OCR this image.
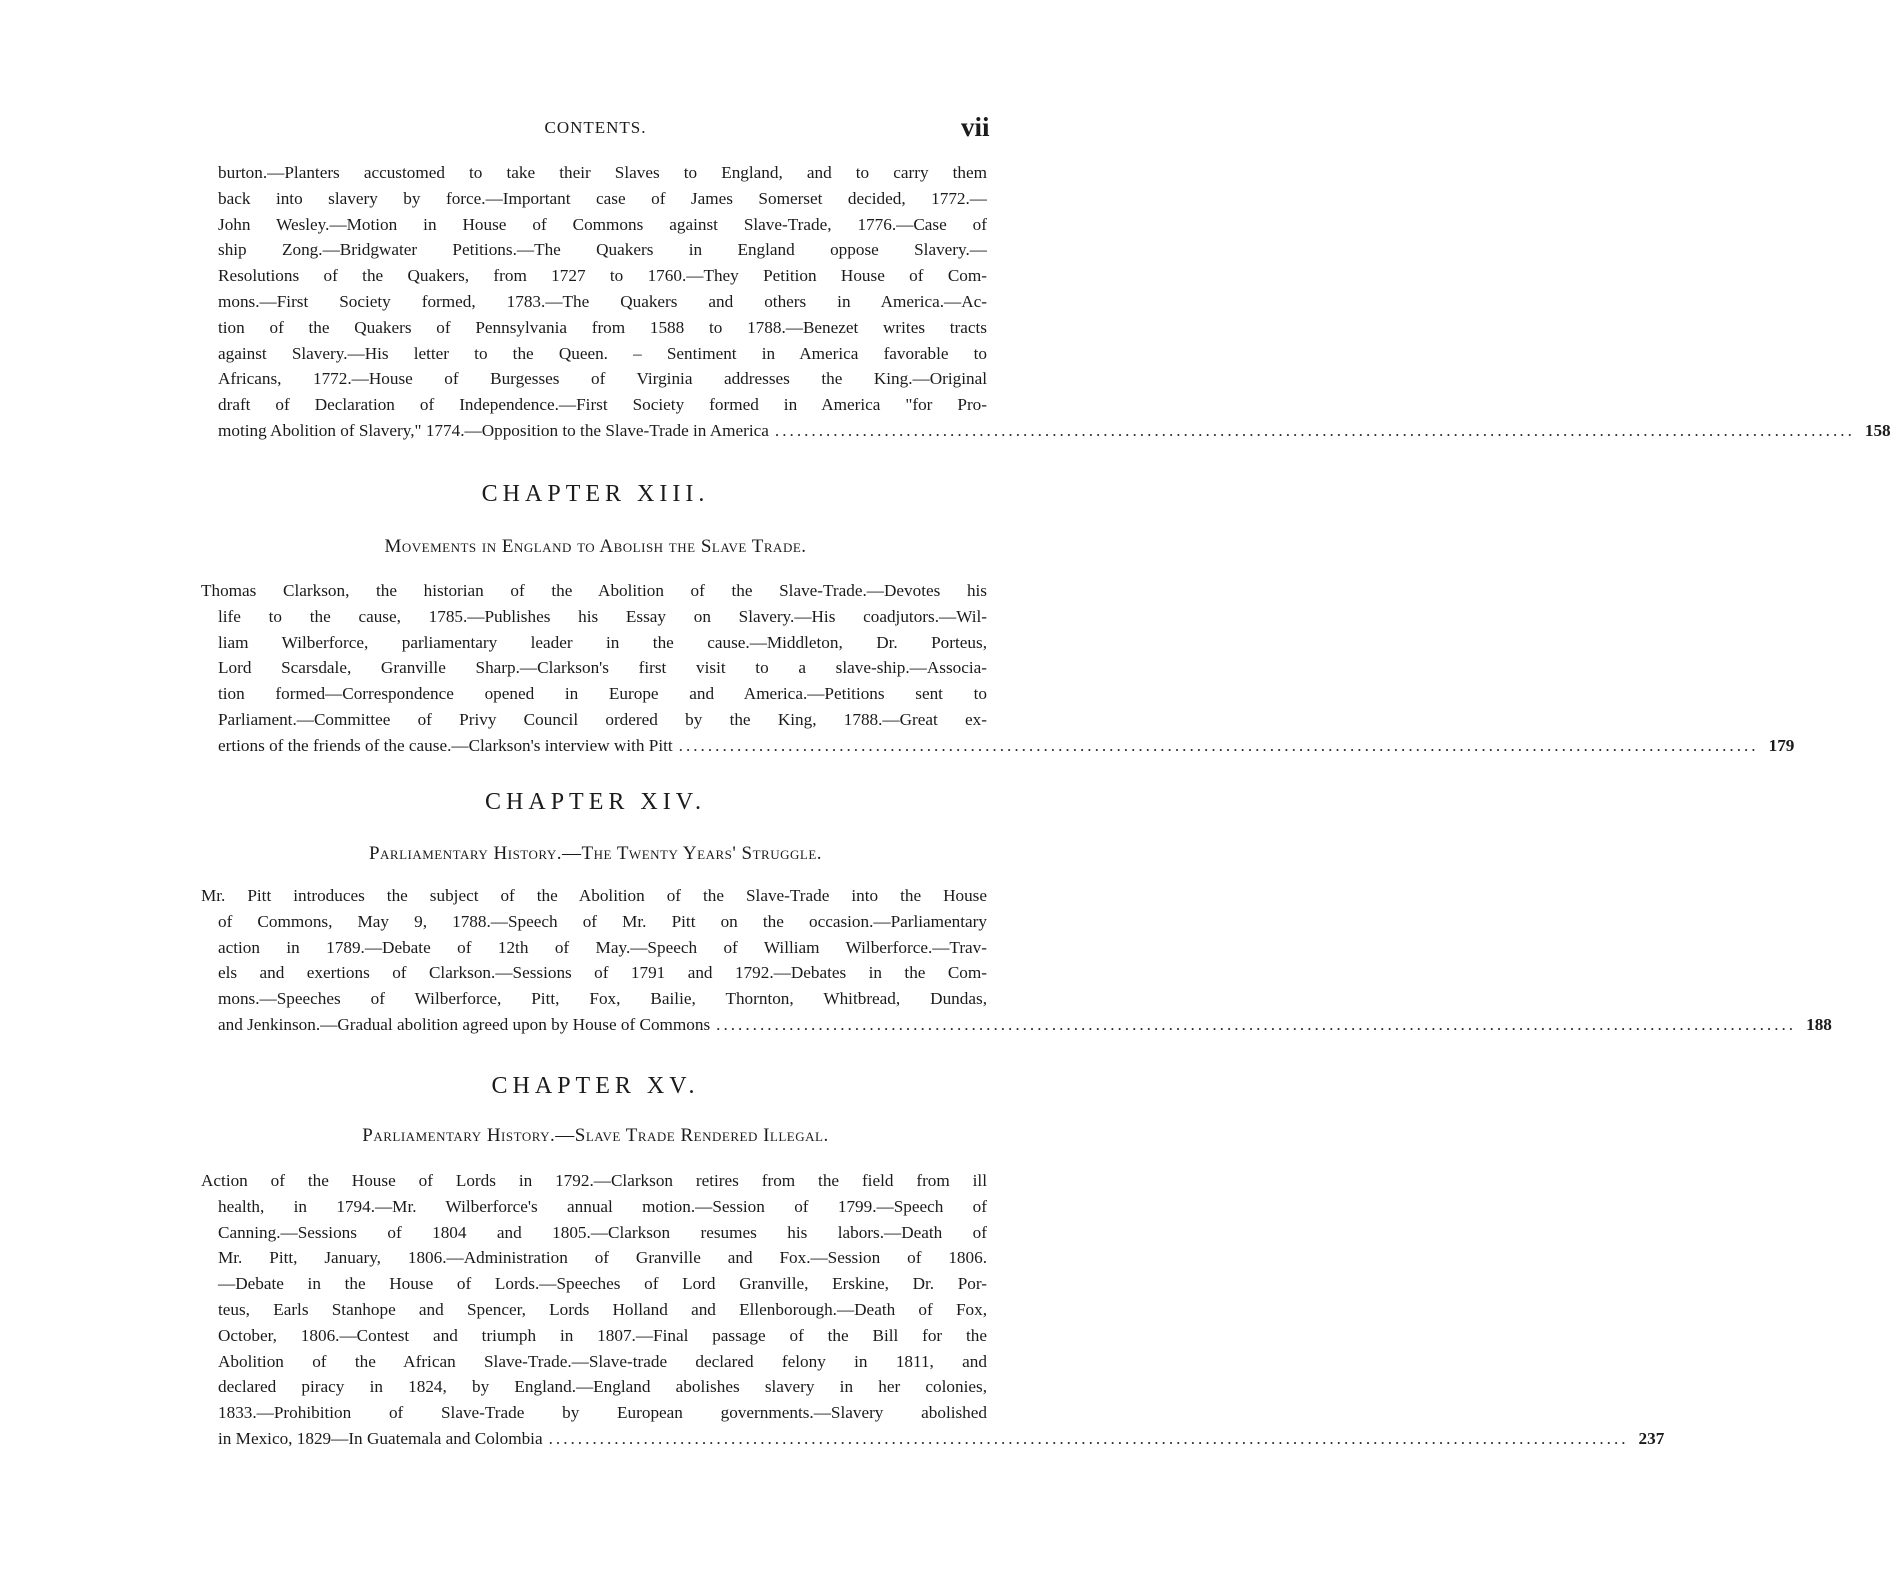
CONTENTS.	vii
burton.—Planters accustomed to take their Slaves to England, and to carry them
back into slavery by force.—Important case of James Somerset decided, 1772.—
John Wesley.—Motion in House of Commons against Slave-Trade, 1776.—Case of
ship Zong.—Bridgwater Petitions.—The Quakers in England oppose Slavery.—
Resolutions of the Quakers, from 1727 to 1760.—They Petition House of Com-
mons.—First Society formed, 1783.—The Quakers and others in America.—Ac-
tion of the Quakers of Pennsylvania from 1588 to 1788.—Benezet writes tracts
against Slavery.—His letter to the Queen. – Sentiment in America favorable to
Africans, 1772.—House of Burgesses of Virginia addresses the King.—Original
draft of Declaration of Independence.—First Society formed in America "for Pro-
moting Abolition of Slavery," 1774.—Opposition to the Slave-Trade in America .....	158
CHAPTER XIII.
Movements in England to Abolish the Slave Trade.
Thomas Clarkson, the historian of the Abolition of the Slave-Trade.—Devotes his
life to the cause, 1785.—Publishes his Essay on Slavery.—His coadjutors.—Wil-
liam Wilberforce, parliamentary leader in the cause.—Middleton, Dr. Porteus,
Lord Scarsdale, Granville Sharp.—Clarkson's first visit to a slave-ship.—Associa-
tion formed—Correspondence opened in Europe and America.—Petitions sent to
Parliament.—Committee of Privy Council ordered by the King, 1788.—Great ex-
ertions of the friends of the cause.—Clarkson's interview with Pitt .....	179
CHAPTER XIV.
Parliamentary History.—The Twenty Years' Struggle.
Mr. Pitt introduces the subject of the Abolition of the Slave-Trade into the House
of Commons, May 9, 1788.—Speech of Mr. Pitt on the occasion.—Parliamentary
action in 1789.—Debate of 12th of May.—Speech of William Wilberforce.—Trav-
els and exertions of Clarkson.—Sessions of 1791 and 1792.—Debates in the Com-
mons.—Speeches of Wilberforce, Pitt, Fox, Bailie, Thornton, Whitbread, Dundas,
and Jenkinson.—Gradual abolition agreed upon by House of Commons .....	188
CHAPTER XV.
Parliamentary History.—Slave Trade Rendered Illegal.
Action of the House of Lords in 1792.—Clarkson retires from the field from ill
health, in 1794.—Mr. Wilberforce's annual motion.—Session of 1799.—Speech of
Canning.—Sessions of 1804 and 1805.—Clarkson resumes his labors.—Death of
Mr. Pitt, January, 1806.—Administration of Granville and Fox.—Session of 1806.
—Debate in the House of Lords.—Speeches of Lord Granville, Erskine, Dr. Por-
teus, Earls Stanhope and Spencer, Lords Holland and Ellenborough.—Death of Fox,
October, 1806.—Contest and triumph in 1807.—Final passage of the Bill for the
Abolition of the African Slave-Trade.—Slave-trade declared felony in 1811, and
declared piracy in 1824, by England.—England abolishes slavery in her colonies,
1833.—Prohibition of Slave-Trade by European governments.—Slavery abolished
in Mexico, 1829—In Guatemala and Colombia .....	237
